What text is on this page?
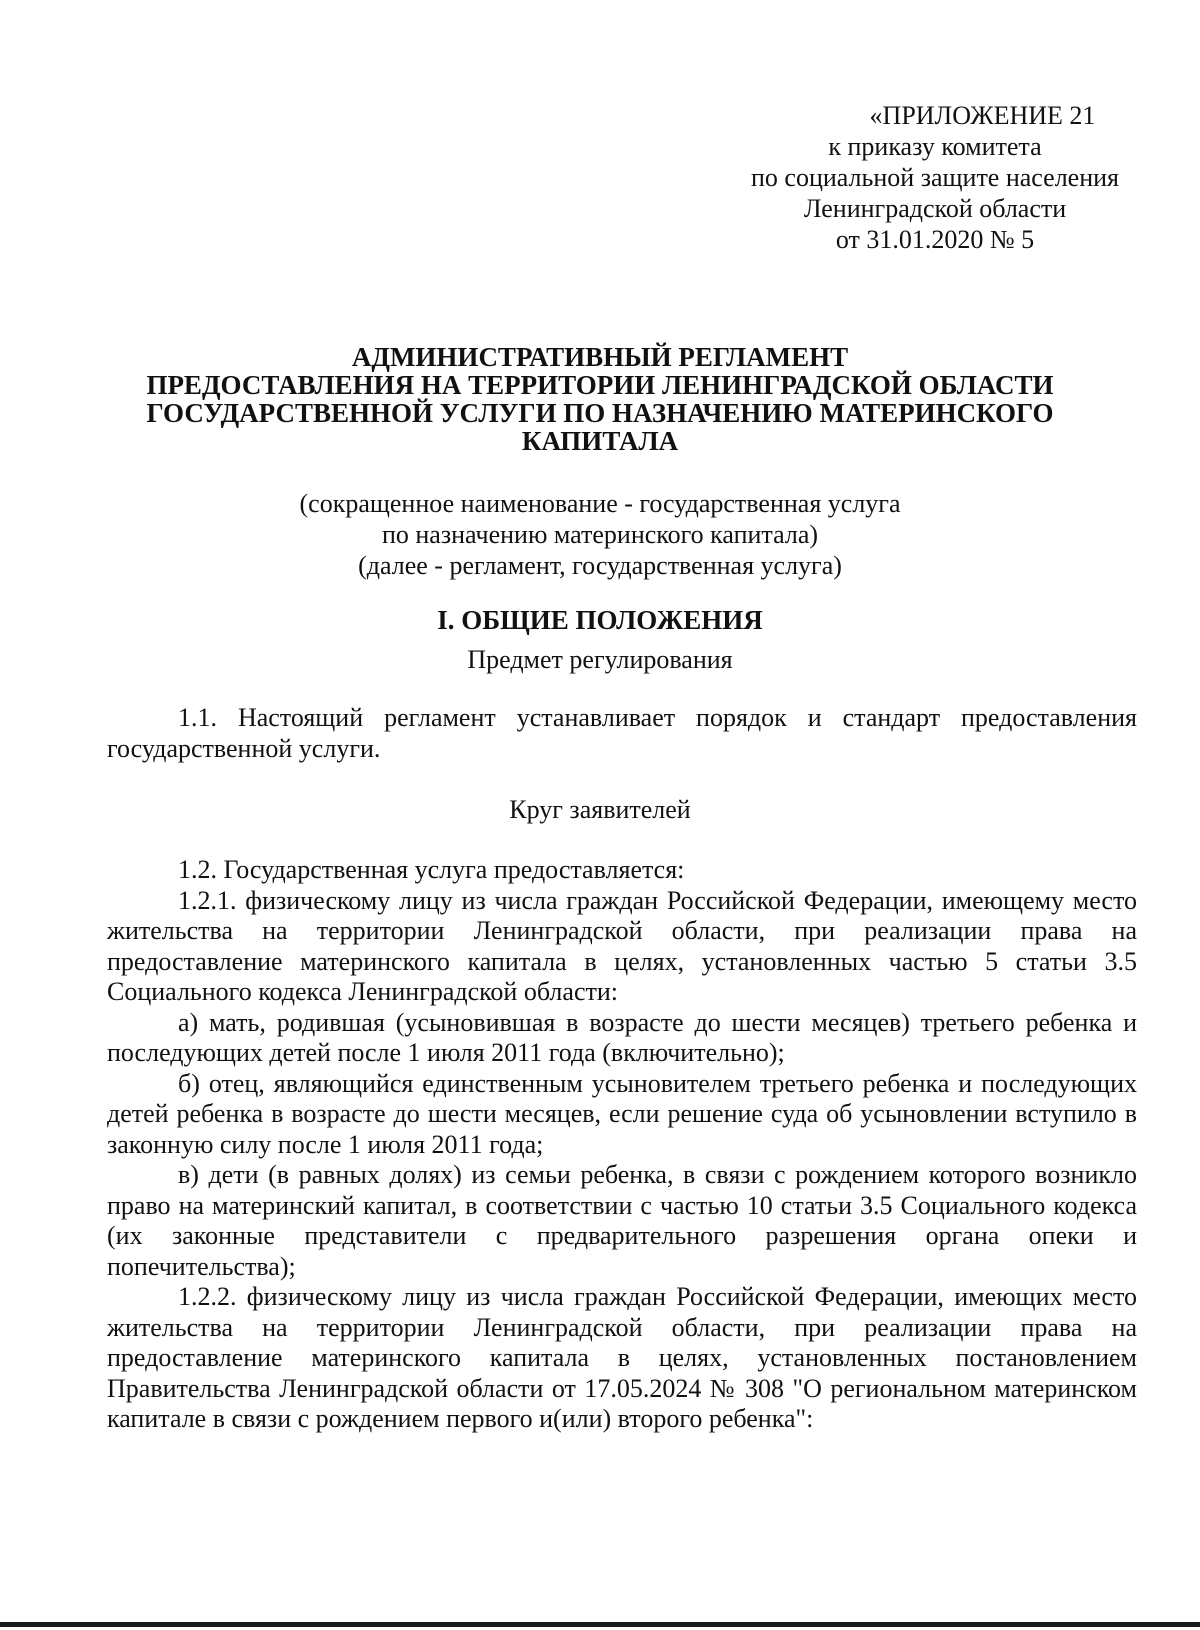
«ПРИЛОЖЕНИЕ 21
к приказу комитета
по социальной защите населения
Ленинградской области
от 31.01.2020 № 5
АДМИНИСТРАТИВНЫЙ РЕГЛАМЕНТ
ПРЕДОСТАВЛЕНИЯ НА ТЕРРИТОРИИ ЛЕНИНГРАДСКОЙ ОБЛАСТИ
ГОСУДАРСТВЕННОЙ УСЛУГИ ПО НАЗНАЧЕНИЮ МАТЕРИНСКОГО
КАПИТАЛА
(сокращенное наименование - государственная услуга
по назначению материнского капитала)
(далее - регламент, государственная услуга)
I. ОБЩИЕ ПОЛОЖЕНИЯ
Предмет регулирования

1.1. Настоящий регламент устанавливает порядок и стандарт предоставления государственной услуги.

Круг заявителей

1.2. Государственная услуга предоставляется:

1.2.1. физическому лицу из числа граждан Российской Федерации, имеющему место жительства на территории Ленинградской области, при реализации права на предоставление материнского капитала в целях, установленных частью 5 статьи 3.5 Социального кодекса Ленинградской области:

а) мать, родившая (усыновившая в возрасте до шести месяцев) третьего ребенка и последующих детей после 1 июля 2011 года (включительно);

б) отец, являющийся единственным усыновителем третьего ребенка и последующих детей ребенка в возрасте до шести месяцев, если решение суда об усыновлении вступило в законную силу после 1 июля 2011 года;

в) дети (в равных долях) из семьи ребенка, в связи с рождением которого возникло право на материнский капитал, в соответствии с частью 10 статьи 3.5 Социального кодекса (их законные представители с предварительного разрешения органа опеки и попечительства);

1.2.2. физическому лицу из числа граждан Российской Федерации, имеющих место жительства на территории Ленинградской области, при реализации права на предоставление материнского капитала в целях, установленных постановлением Правительства Ленинградской области от 17.05.2024 № 308 "О региональном материнском капитале в связи с рождением первого и(или) второго ребенка":
